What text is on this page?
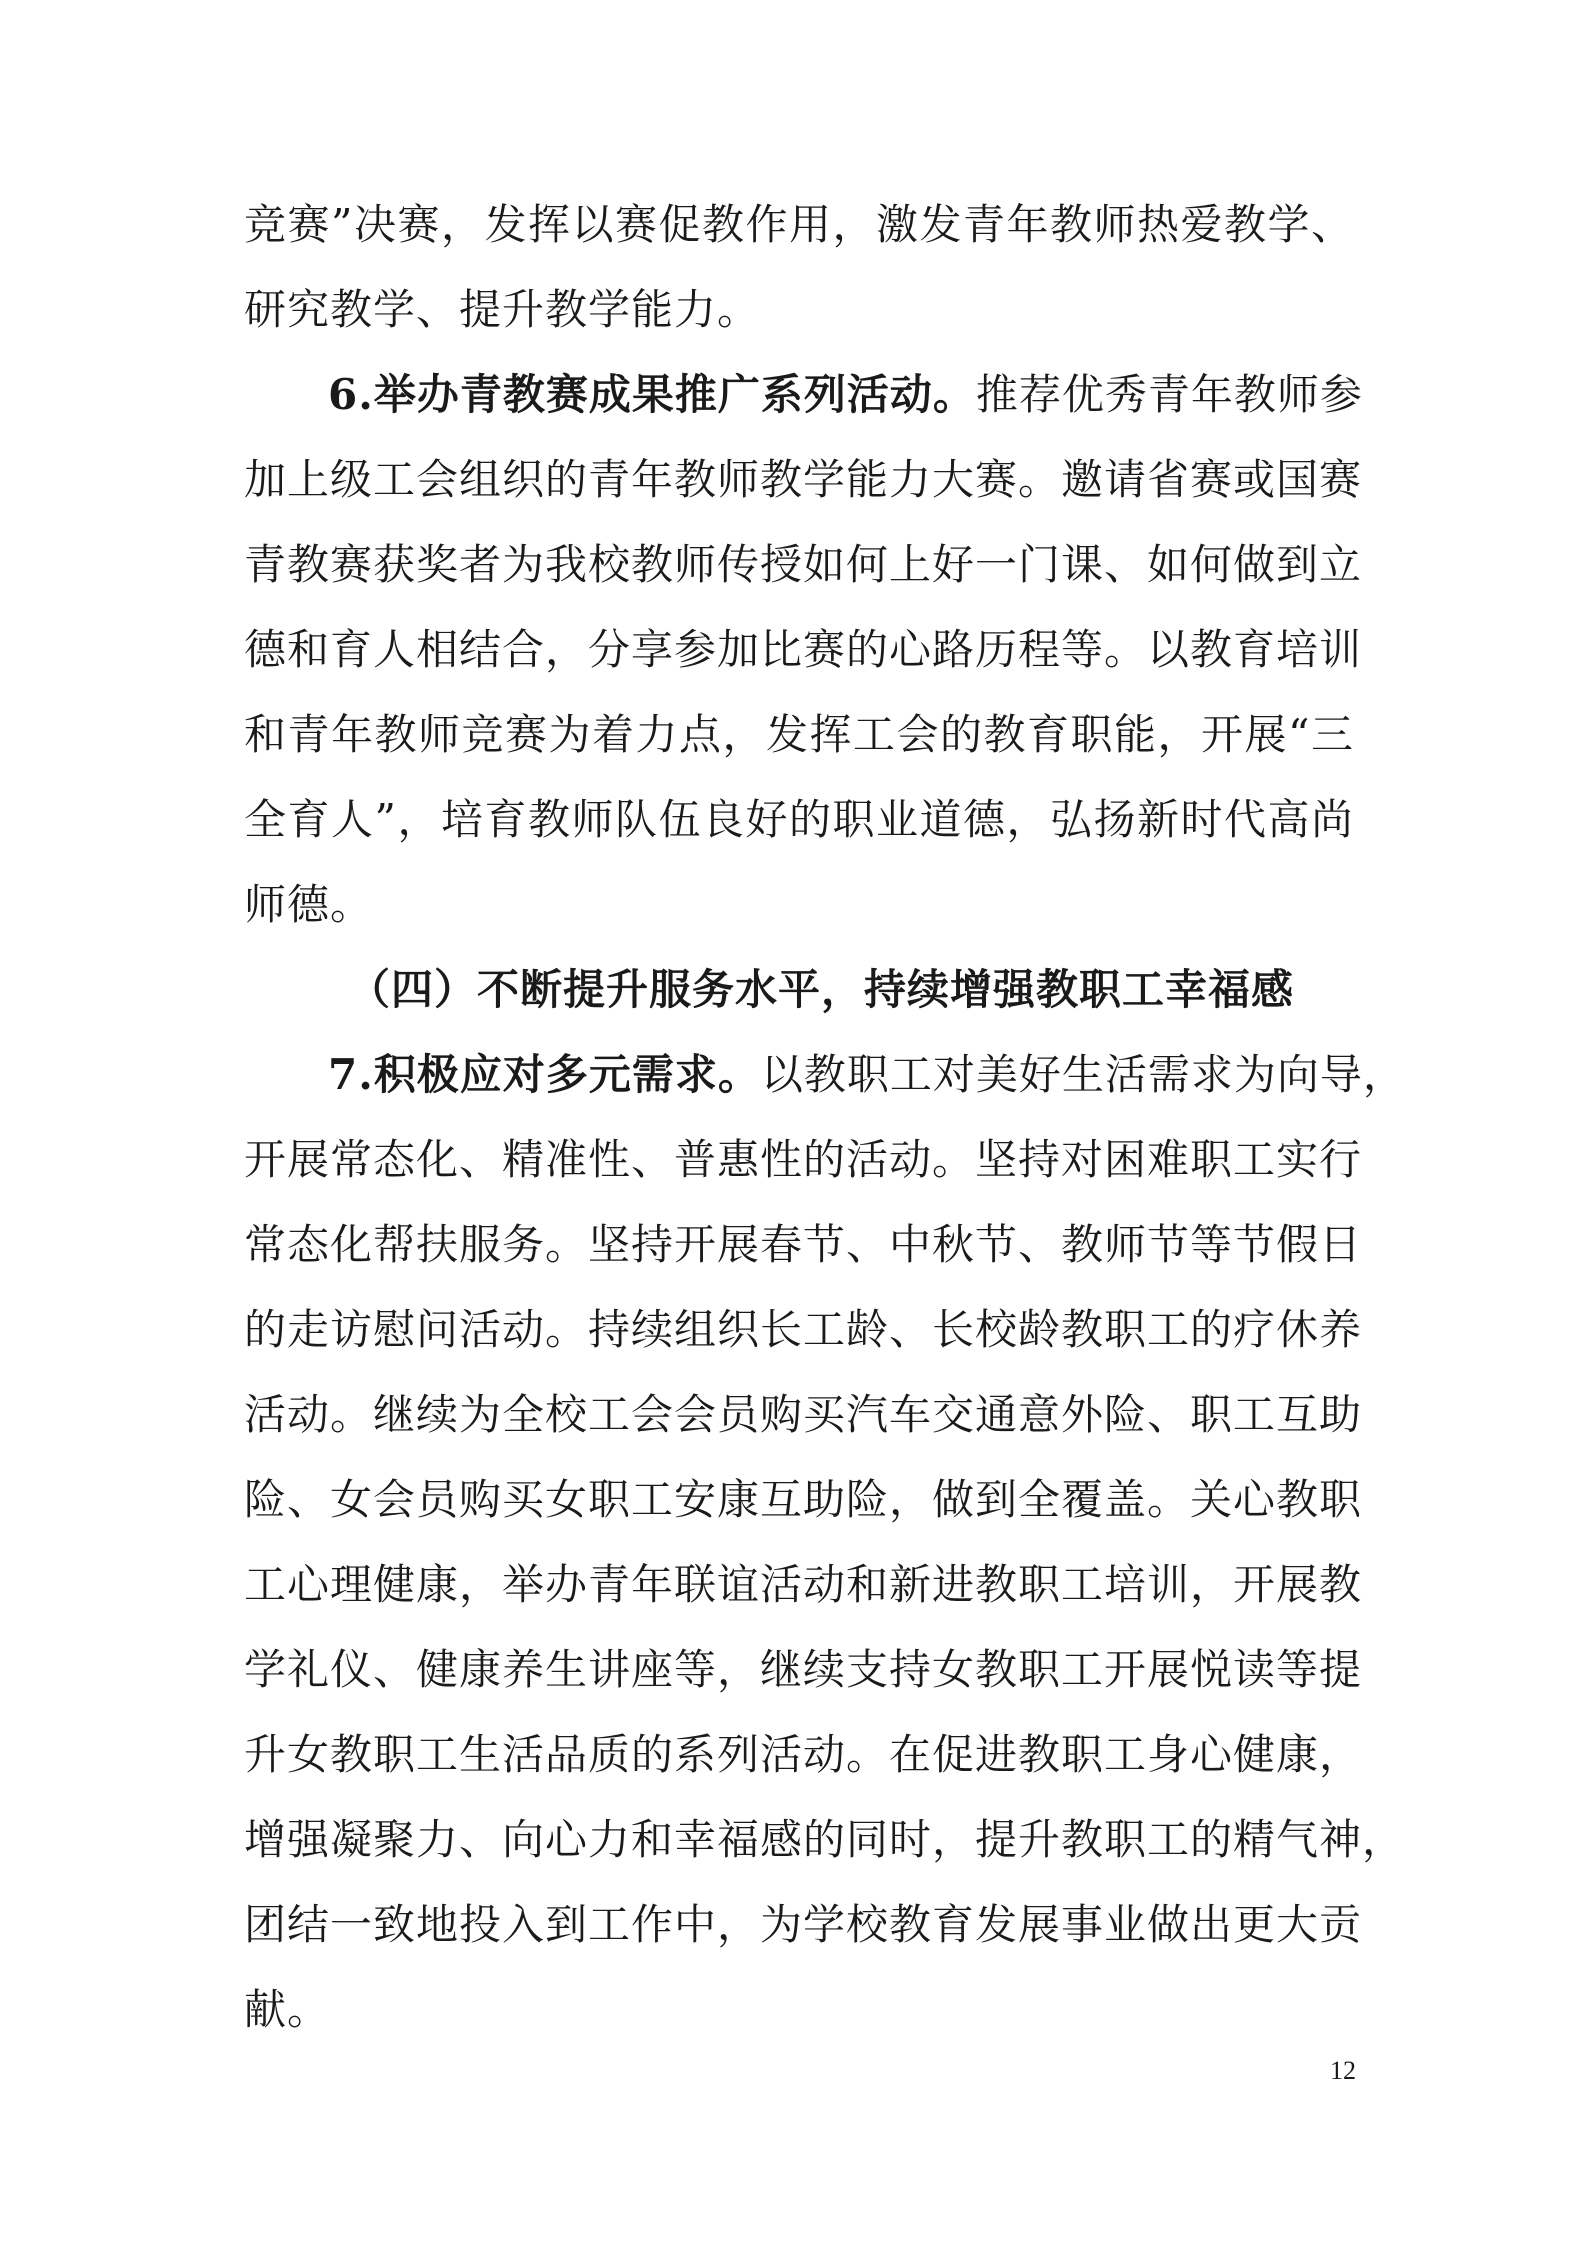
竞赛”决赛，发挥以赛促教作用，激发青年教师热爱教学、
研究教学、提升教学能力。
6.举办青教赛成果推广系列活动。推荐优秀青年教师参
加上级工会组织的青年教师教学能力大赛。邀请省赛或国赛
青教赛获奖者为我校教师传授如何上好一门课、如何做到立
德和育人相结合，分享参加比赛的心路历程等。以教育培训
和青年教师竞赛为着力点，发挥工会的教育职能，开展“三
全育人”，培育教师队伍良好的职业道德，弘扬新时代高尚
师德。
（四）不断提升服务水平，持续增强教职工幸福感
7.积极应对多元需求。以教职工对美好生活需求为向导，
开展常态化、精准性、普惠性的活动。坚持对困难职工实行
常态化帮扶服务。坚持开展春节、中秋节、教师节等节假日
的走访慰问活动。持续组织长工龄、长校龄教职工的疗休养
活动。继续为全校工会会员购买汽车交通意外险、职工互助
险、女会员购买女职工安康互助险，做到全覆盖。关心教职
工心理健康，举办青年联谊活动和新进教职工培训，开展教
学礼仪、健康养生讲座等，继续支持女教职工开展悦读等提
升女教职工生活品质的系列活动。在促进教职工身心健康，
增强凝聚力、向心力和幸福感的同时，提升教职工的精气神，
团结一致地投入到工作中，为学校教育发展事业做出更大贡
献。
12
